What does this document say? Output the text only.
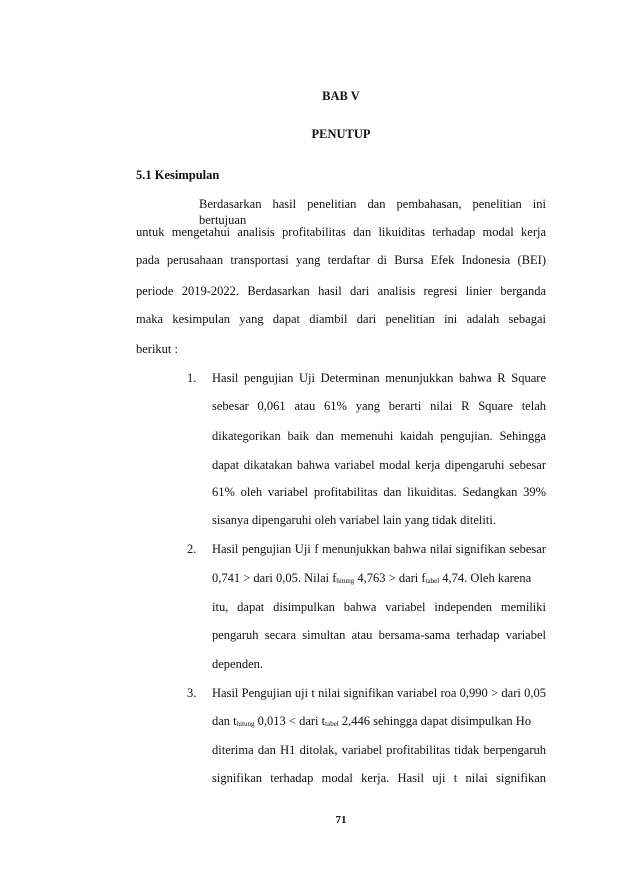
BAB V
PENUTUP
5.1 Kesimpulan
Berdasarkan hasil penelitian dan pembahasan, penelitian ini bertujuan
untuk mengetahui analisis profitabilitas dan likuiditas terhadap modal kerja
pada perusahaan transportasi yang terdaftar di Bursa Efek Indonesia (BEI)
periode 2019-2022. Berdasarkan hasil dari analisis regresi linier berganda
maka kesimpulan yang dapat diambil dari penelitian ini adalah sebagai
berikut :
1. Hasil pengujian Uji Determinan menunjukkan bahwa R Square
sebesar 0,061 atau 61% yang berarti nilai R Square telah
dikategorikan baik dan memenuhi kaidah pengujian. Sehingga
dapat dikatakan bahwa variabel modal kerja dipengaruhi sebesar
61% oleh variabel profitabilitas dan likuiditas. Sedangkan 39%
sisanya dipengaruhi oleh variabel lain yang tidak diteliti.
2. Hasil pengujian Uji f menunjukkan bahwa nilai signifikan sebesar
0,741 > dari 0,05. Nilai $f_{hitung}$ 4,763 > dari $f_{tabel}$ 4,74. Oleh karena
itu, dapat disimpulkan bahwa variabel independen memiliki
pengaruh secara simultan atau bersama-sama terhadap variabel
dependen.
3. Hasil Pengujian uji t nilai signifikan variabel roa 0,990 > dari 0,05
dan $t_{hitung}$ 0,013 < dari $t_{tabel}$ 2,446 sehingga dapat disimpulkan Ho
diterima dan H1 ditolak, variabel profitabilitas tidak berpengaruh
signifikan terhadap modal kerja. Hasil uji t nilai signifikan
71
